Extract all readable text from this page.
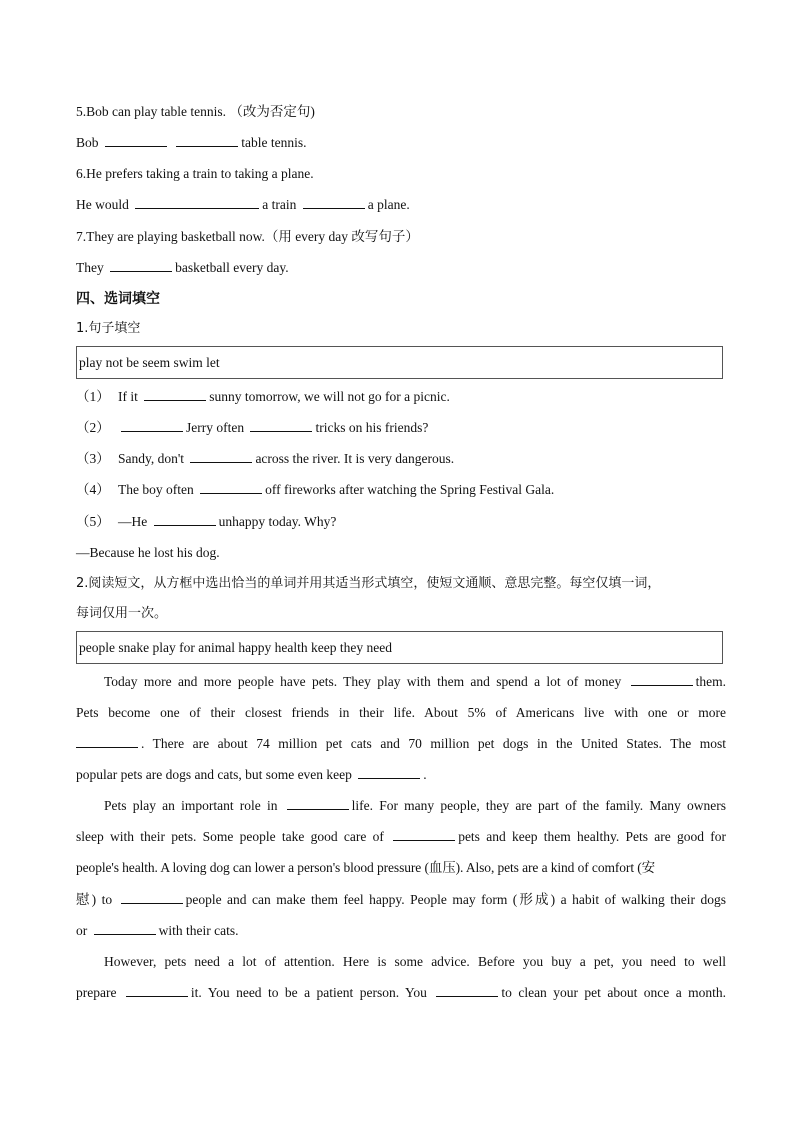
5.Bob can play table tennis. （改为否定句)
Bob	table tennis.
6.He prefers taking a train to taking a plane.
He would	a train	a plane.
7.They are playing basketball now.（用 every day 改写句子）
They	basketball every day.
四、选词填空
1.句子填空
play not be seem swim let
（1） If it	sunny tomorrow, we will not go for a picnic.
（2）	Jerry often	tricks on his friends?
（3） Sandy, don't	across the river. It is very dangerous.
（4） The boy often	off fireworks after watching the Spring Festival Gala.
（5） —He	unhappy today. Why?
—Because he lost his dog.
2.阅读短文，从方框中选出恰当的单词并用其适当形式填空，使短文通顺、意思完整。每空仅填一词，
每词仅用一次。
people snake play for animal happy health keep they need
Today more and more people have pets. They play with them and spend a lot of money	them.
Pets become one of their closest friends in their life. About 5% of Americans live with one or more
. There are about 74 million pet cats and 70 million pet dogs in the United States. The most
popular pets are dogs and cats, but some even keep	.
Pets play an important role in	life. For many people, they are part of the family. Many owners
sleep with their pets. Some people take good care of	pets and keep them healthy. Pets are good for
people's health. A loving dog can lower a person's blood pressure (血压). Also, pets are a kind of comfort (安
慰) to	people and can make them feel happy. People may form (形成) a habit of walking their dogs
or	with their cats.
However, pets need a lot of attention. Here is some advice. Before you buy a pet, you need to well
prepare	it. You need to be a patient person. You	to clean your pet about once a month.
